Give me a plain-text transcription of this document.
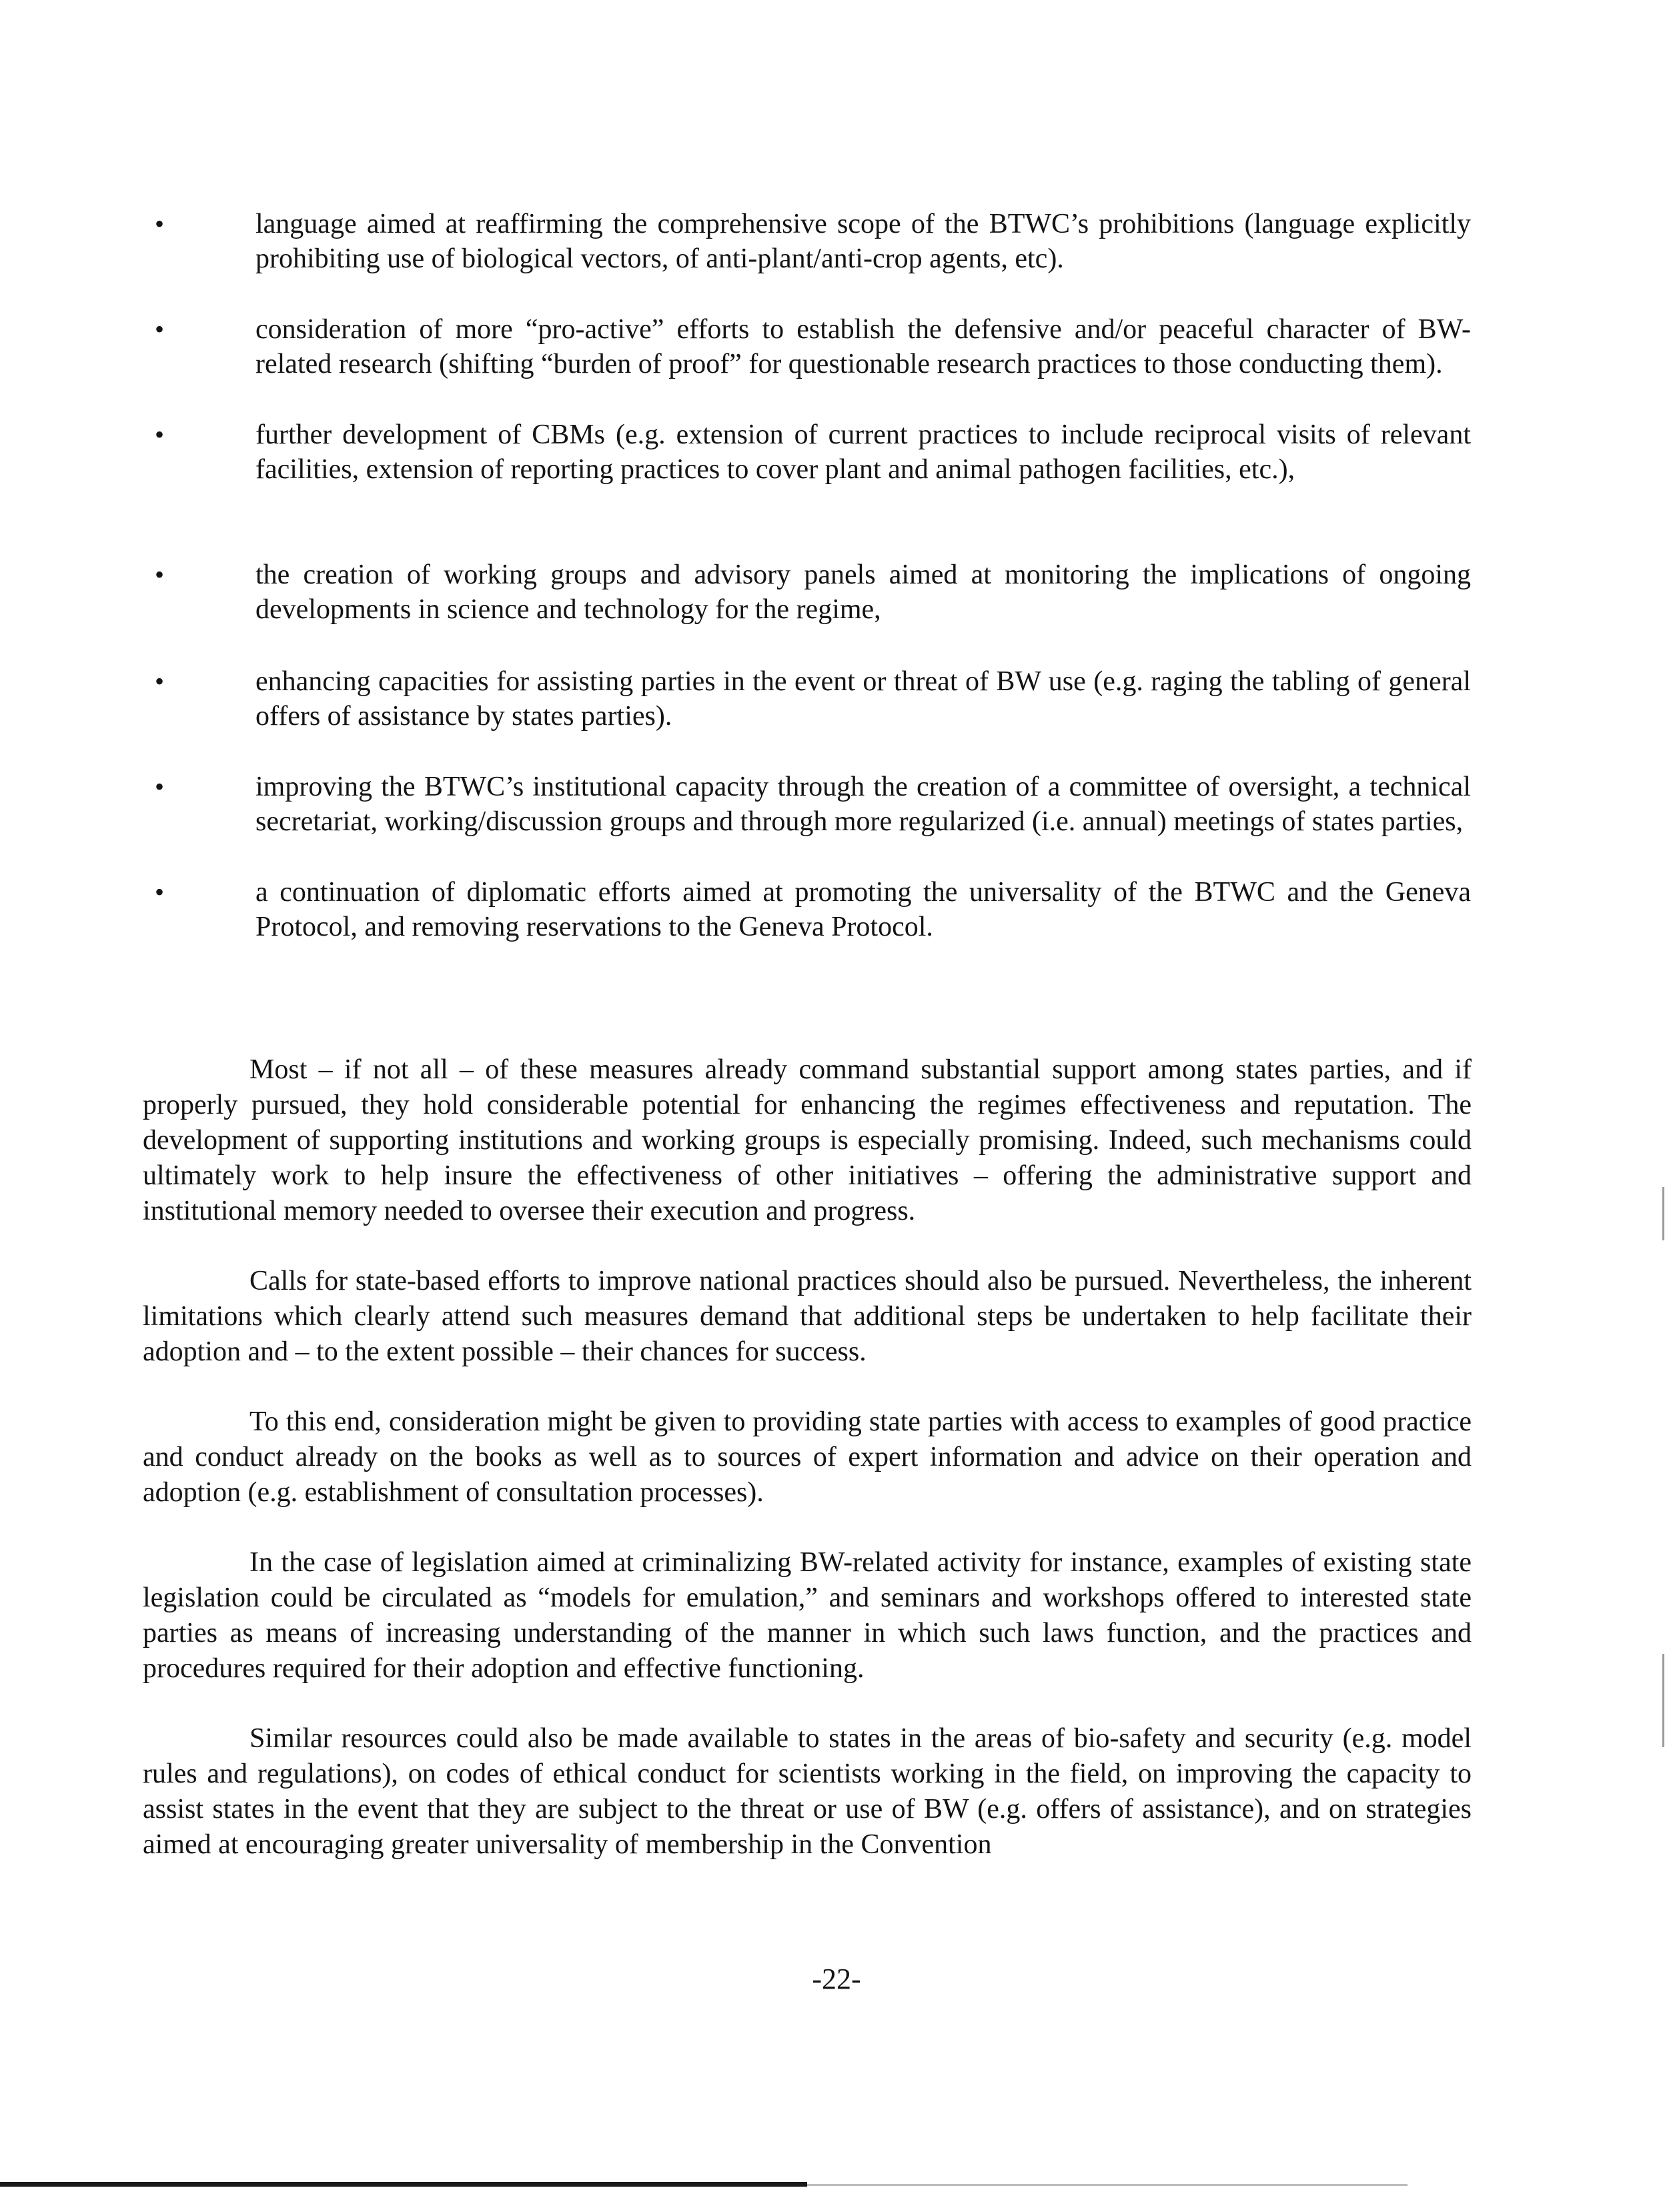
•	language aimed at reaffirming the comprehensive scope of the BTWC’s prohibitions (language explicitly prohibiting use of biological vectors, of anti-plant/anti-crop agents, etc).

•	consideration of more “pro-active” efforts to establish the defensive and/or peaceful character of BW-related research (shifting “burden of proof” for questionable research practices to those conducting them).

•	further development of CBMs (e.g. extension of current practices to include reciprocal visits of relevant facilities, extension of reporting practices to cover plant and animal pathogen facilities, etc.),

•	the creation of working groups and advisory panels aimed at monitoring the implications of ongoing developments in science and technology for the regime,

•	enhancing capacities for assisting parties in the event or threat of BW use (e.g. raging the tabling of general offers of assistance by states parties).

•	improving the BTWC’s institutional capacity through the creation of a committee of oversight, a technical secretariat, working/discussion groups and through more regularized (i.e. annual) meetings of states parties,

•	a continuation of diplomatic efforts aimed at promoting the universality of the BTWC and the Geneva Protocol, and removing reservations to the Geneva Protocol.

Most – if not all – of these measures already command substantial support among states parties, and if properly pursued, they hold considerable potential for enhancing the regimes effectiveness and reputation. The development of supporting institutions and working groups is especially promising. Indeed, such mechanisms could ultimately work to help insure the effectiveness of other initiatives – offering the administrative support and institutional memory needed to oversee their execution and progress.

Calls for state-based efforts to improve national practices should also be pursued. Nevertheless, the inherent limitations which clearly attend such measures demand that additional steps be undertaken to help facilitate their adoption and – to the extent possible – their chances for success.

To this end, consideration might be given to providing state parties with access to examples of good practice and conduct already on the books as well as to sources of expert information and advice on their operation and adoption (e.g. establishment of consultation processes).

In the case of legislation aimed at criminalizing BW-related activity for instance, examples of existing state legislation could be circulated as “models for emulation,” and seminars and workshops offered to interested state parties as means of increasing understanding of the manner in which such laws function, and the practices and procedures required for their adoption and effective functioning.

Similar resources could also be made available to states in the areas of bio-safety and security (e.g. model rules and regulations), on codes of ethical conduct for scientists working in the field, on improving the capacity to assist states in the event that they are subject to the threat or use of BW (e.g. offers of assistance), and on strategies aimed at encouraging greater universality of membership in the Convention

-22-
